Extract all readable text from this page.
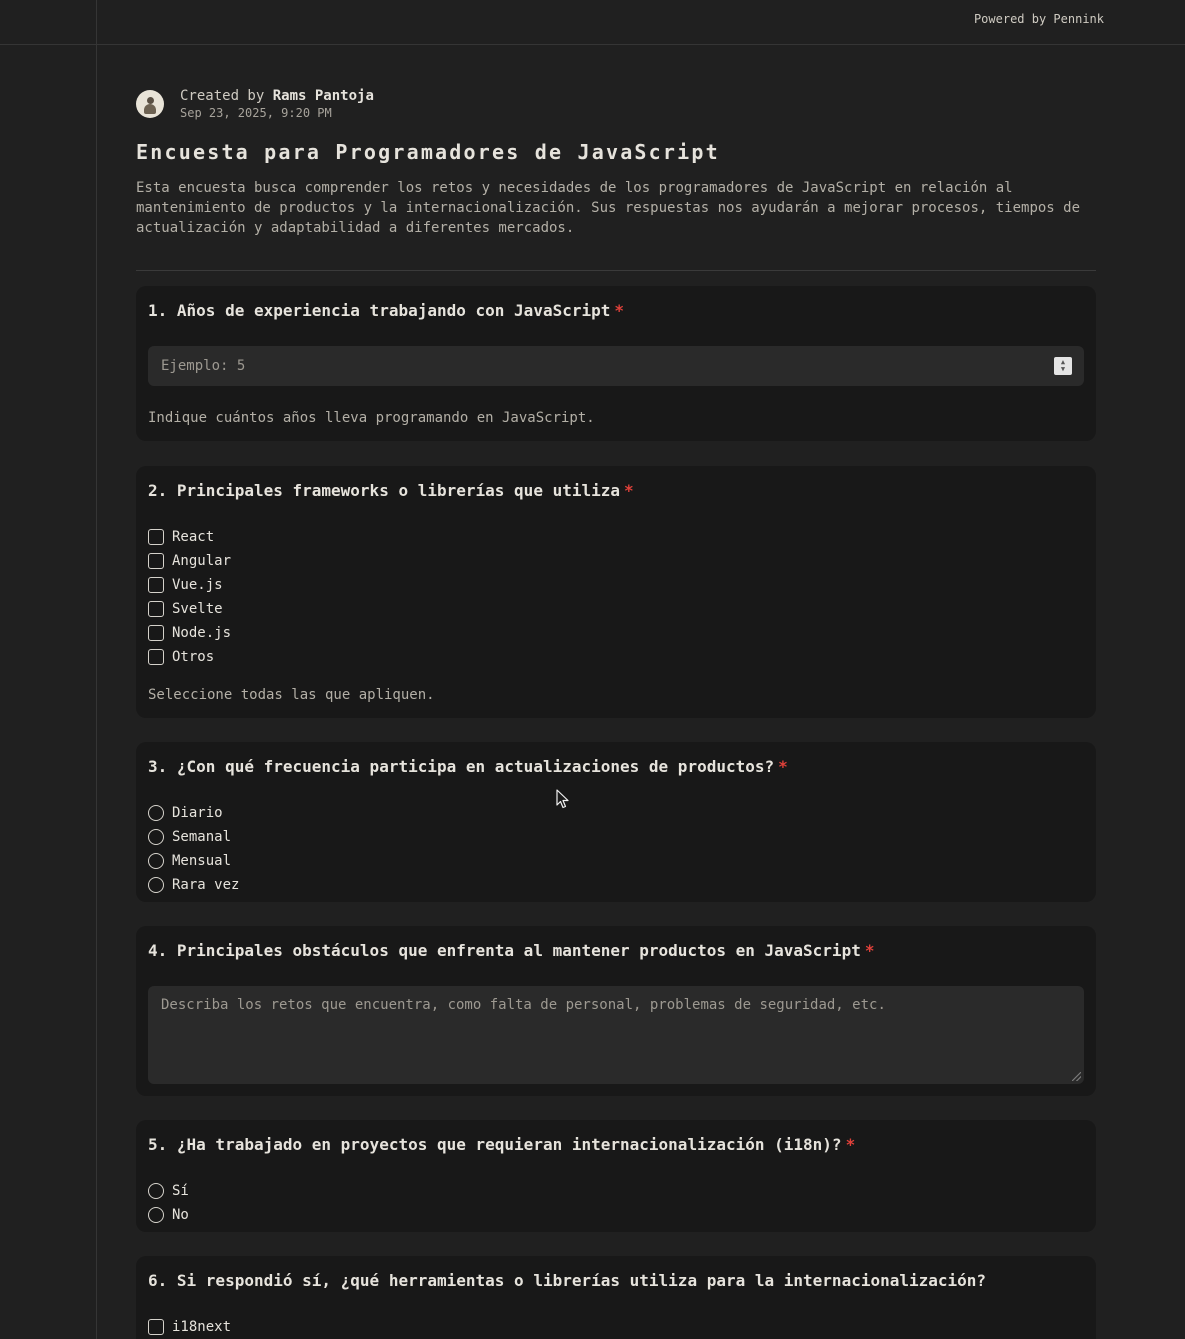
Powered by Pennink
Created by Rams Pantoja
Sep 23, 2025, 9:20 PM
Encuesta para Programadores de JavaScript
Esta encuesta busca comprender los retos y necesidades de los programadores de JavaScript en relación al mantenimiento de productos y la internacionalización. Sus respuestas nos ayudarán a mejorar procesos, tiempos de actualización y adaptabilidad a diferentes mercados.
1. Años de experiencia trabajando con JavaScript *
Ejemplo: 5	▲
▼
Indique cuántos años lleva programando en JavaScript.
2. Principales frameworks o librerías que utiliza *
React
Angular
Vue.js
Svelte
Node.js
Otros
Seleccione todas las que apliquen.
3. ¿Con qué frecuencia participa en actualizaciones de productos? *
Diario
Semanal
Mensual
Rara vez
4. Principales obstáculos que enfrenta al mantener productos en JavaScript *
Describa los retos que encuentra, como falta de personal, problemas de seguridad, etc.
5. ¿Ha trabajado en proyectos que requieran internacionalización (i18n)? *
Sí
No
6. Si respondió sí, ¿qué herramientas o librerías utiliza para la internacionalización?
i18next
